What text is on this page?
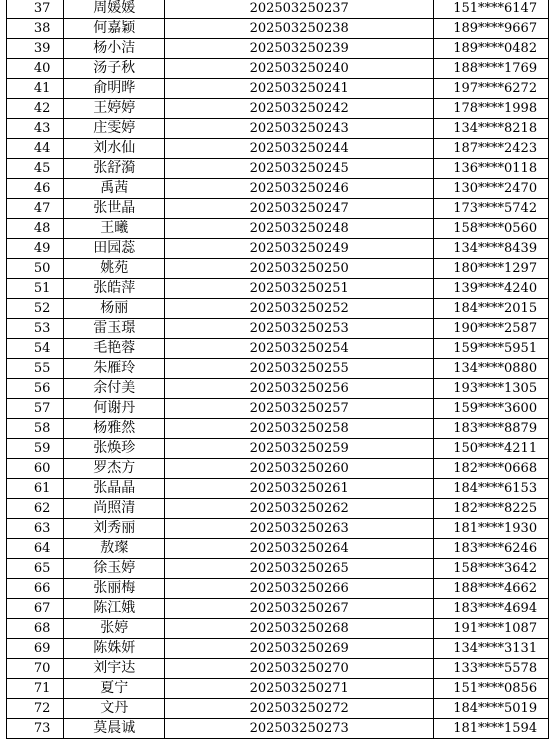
37	周媛媛	202503250237	151****6147
38	何嘉颖	202503250238	189****9667
39	杨小洁	202503250239	189****0482
40	汤子秋	202503250240	188****1769
41	俞明晔	202503250241	197****6272
42	王婷婷	202503250242	178****1998
43	庄雯婷	202503250243	134****8218
44	刘水仙	202503250244	187****2423
45	张舒漪	202503250245	136****0118
46	禹茜	202503250246	130****2470
47	张世晶	202503250247	173****5742
48	王曦	202503250248	158****0560
49	田园蕊	202503250249	134****8439
50	姚苑	202503250250	180****1297
51	张皓萍	202503250251	139****4240
52	杨丽	202503250252	184****2015
53	雷玉璟	202503250253	190****2587
54	毛艳蓉	202503250254	159****5951
55	朱雁玲	202503250255	134****0880
56	余付美	202503250256	193****1305
57	何谢丹	202503250257	159****3600
58	杨雅然	202503250258	183****8879
59	张焕珍	202503250259	150****4211
60	罗杰方	202503250260	182****0668
61	张晶晶	202503250261	184****6153
62	尚照清	202503250262	182****8225
63	刘秀丽	202503250263	181****1930
64	敖璨	202503250264	183****6246
65	徐玉婷	202503250265	158****3642
66	张丽梅	202503250266	188****4662
67	陈江娥	202503250267	183****4694
68	张婷	202503250268	191****1087
69	陈姝妍	202503250269	134****3131
70	刘宇达	202503250270	133****5578
71	夏宁	202503250271	151****0856
72	文丹	202503250272	184****5019
73	莫晨诚	202503250273	181****1594
